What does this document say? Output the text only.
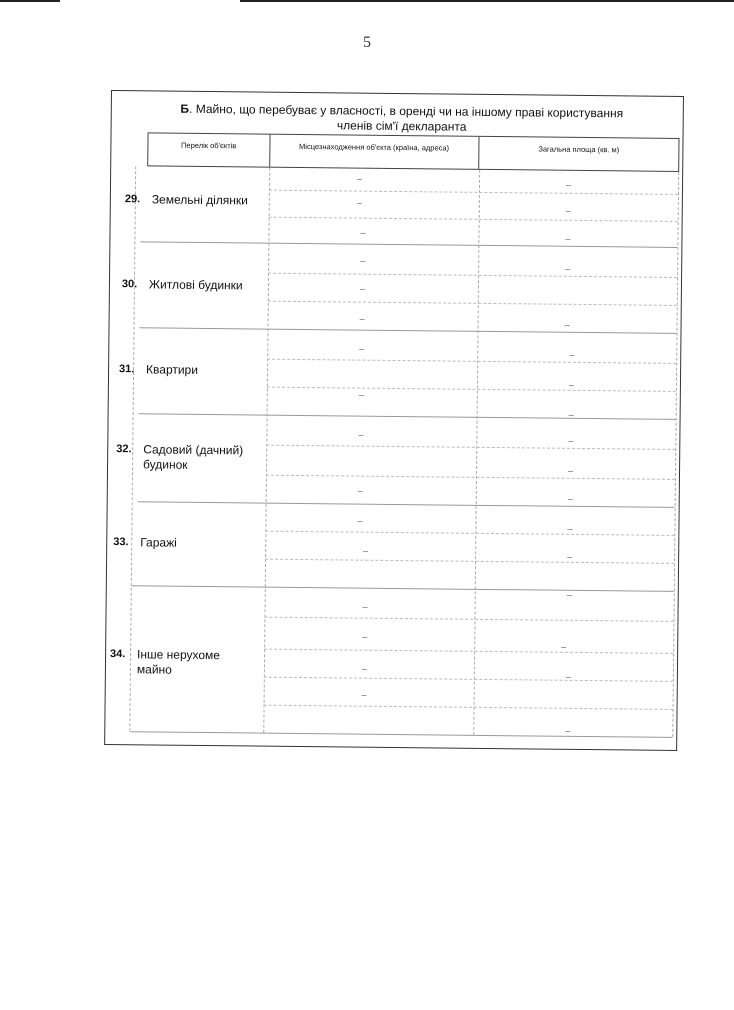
5
Б. Майно, що перебуває у власності, в оренді чи на іншому праві користування
членів сім'ї декларанта
Перелік об'єктів	Місцезнаходження об'єкта (країна, адреса)	Загальна площа (кв. м)
29. Земельні ділянки
30. Житлові будинки
31. Квартири
32. Садовий (дачний) будинок
33. Гаражі
34. Інше нерухоме майно
–
–
–
–
–
–
–
–
–
–
–
–
–
–
–
–
–
–
–
–
–
–
–
–
–
–
–
–
–
–
–
–
–
